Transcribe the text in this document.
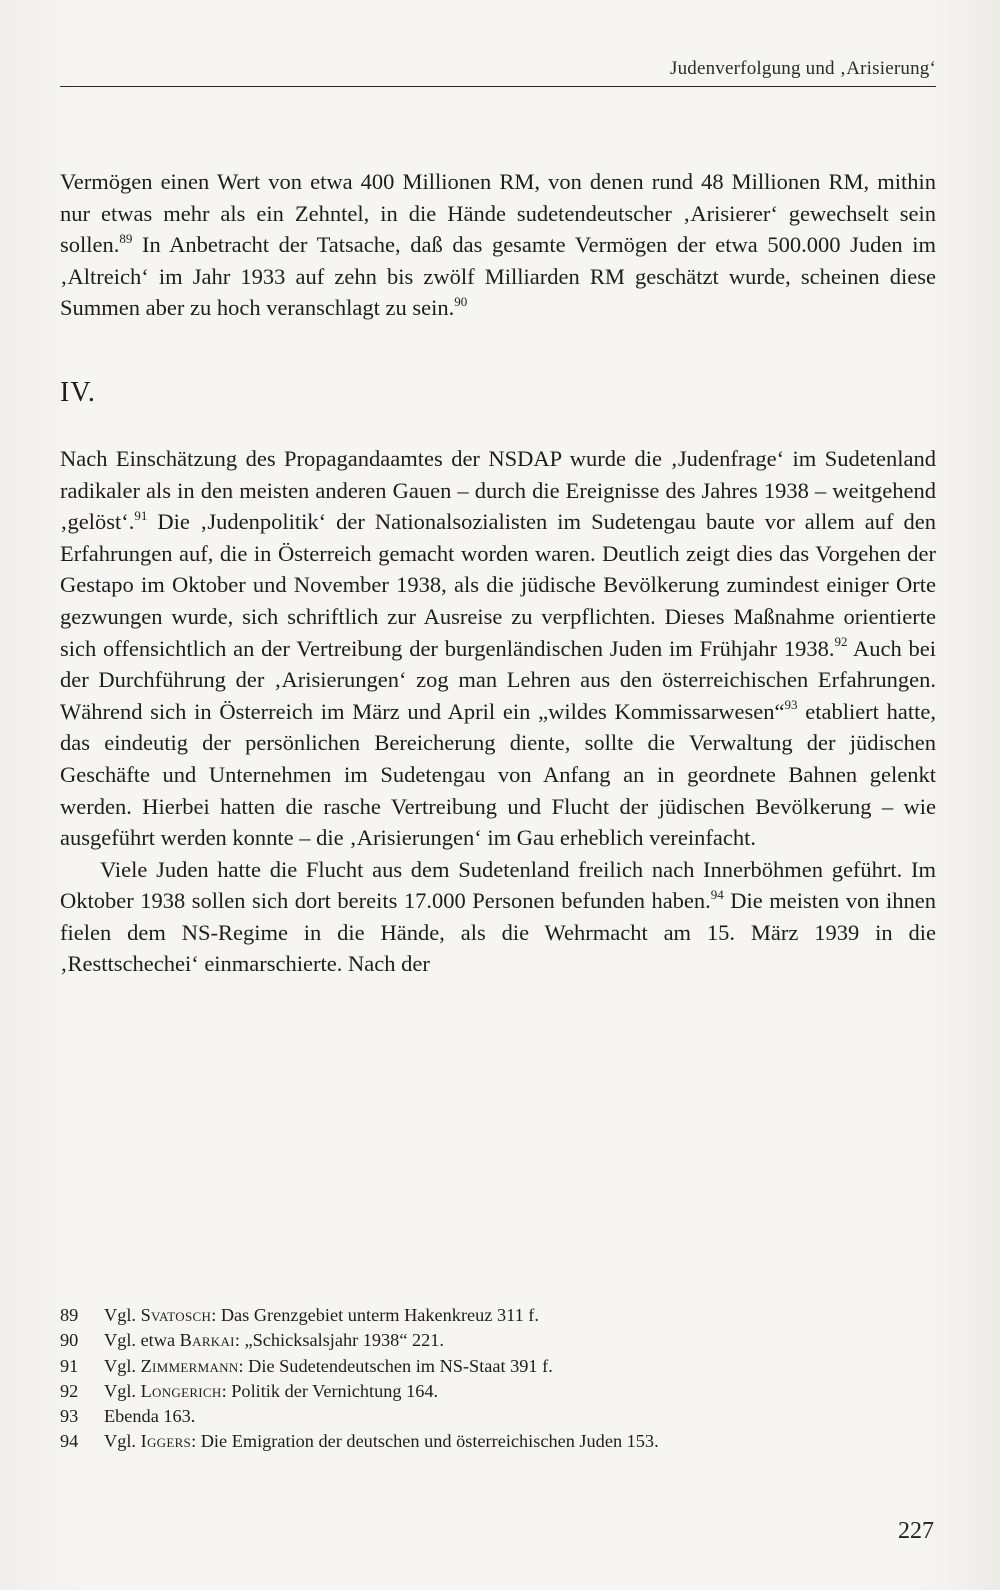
Judenverfolgung und ‚Arisierung‘

Vermögen einen Wert von etwa 400 Millionen RM, von denen rund 48 Millionen RM, mithin nur etwas mehr als ein Zehntel, in die Hände sudetendeutscher ‚Arisierer‘ gewechselt sein sollen.$^{89}$ In Anbetracht der Tatsache, daß das gesamte Vermögen der etwa 500.000 Juden im ‚Altreich‘ im Jahr 1933 auf zehn bis zwölf Milliarden RM geschätzt wurde, scheinen diese Summen aber zu hoch veranschlagt zu sein.$^{90}$

IV.

Nach Einschätzung des Propagandaamtes der NSDAP wurde die ‚Judenfrage‘ im Sudetenland radikaler als in den meisten anderen Gauen – durch die Ereignisse des Jahres 1938 – weitgehend ‚gelöst‘.$^{91}$ Die ‚Judenpolitik‘ der Nationalsozialisten im Sudetengau baute vor allem auf den Erfahrungen auf, die in Österreich gemacht worden waren. Deutlich zeigt dies das Vorgehen der Gestapo im Oktober und November 1938, als die jüdische Bevölkerung zumindest einiger Orte gezwungen wurde, sich schriftlich zur Ausreise zu verpflichten. Dieses Maßnahme orientierte sich offensichtlich an der Vertreibung der burgenländischen Juden im Frühjahr 1938.92 Auch bei der Durchführung der ‚Arisierungen‘ zog man Lehren aus den österreichischen Erfahrungen. Während sich in Österreich im März und April ein „wildes Kommissarwesen“$^{93}$ etabliert hatte, das eindeutig der persönlichen Bereicherung diente, sollte die Verwaltung der jüdischen Geschäfte und Unternehmen im Sudetengau von Anfang an in geordnete Bahnen gelenkt werden. Hierbei hatten die rasche Vertreibung und Flucht der jüdischen Bevölkerung – wie ausgeführt werden konnte – die ‚Arisierungen‘ im Gau erheblich vereinfacht.

Viele Juden hatte die Flucht aus dem Sudetenland freilich nach Innerböhmen geführt. Im Oktober 1938 sollen sich dort bereits 17.000 Personen befunden haben.$^{94}$ Die meisten von ihnen fielen dem NS-Regime in die Hände, als die Wehrmacht am 15. März 1939 in die ‚Resttschechei‘ einmarschierte. Nach der

89	Vgl. Svatosch: Das Grenzgebiet unterm Hakenkreuz 311 f.
90	Vgl. etwa Barkai: „Schicksalsjahr 1938“ 221.
91	Vgl. Zimmermann: Die Sudetendeutschen im NS-Staat 391 f.
92	Vgl. Longerich: Politik der Vernichtung 164.
93	Ebenda 163.
94	Vgl. Iggers: Die Emigration der deutschen und österreichischen Juden 153.
227
